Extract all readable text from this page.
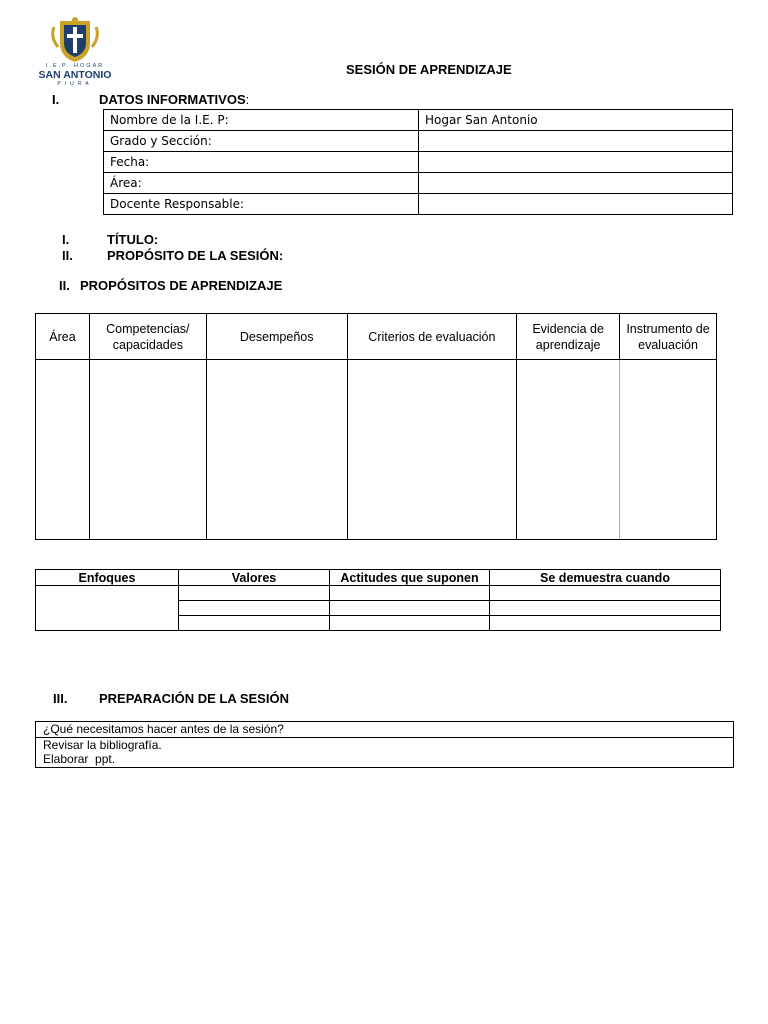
I.E.P. HOGAR
SAN ANTONIO
PIURA
SESIÓN DE APRENDIZAJE
I.	DATOS INFORMATIVOS:
Nombre de la I.E. P:	Hogar San Antonio
Grado y Sección:	
Fecha:	
Área:	
Docente Responsable:	
I.	TÍTULO:
II.	PROPÓSITO DE LA SESIÓN:
II. PROPÓSITOS DE APRENDIZAJE
Área	Competencias/ capacidades	Desempeños	Criterios de evaluación	Evidencia de aprendizaje	Instrumento de evaluación

Enfoques	Valores	Actitudes que suponen	Se demuestra cuando

III. PREPARACIÓN DE LA SESIÓN
¿Qué necesitamos hacer antes de la sesión?

Revisar la bibliografía.
Elaborar  ppt.
